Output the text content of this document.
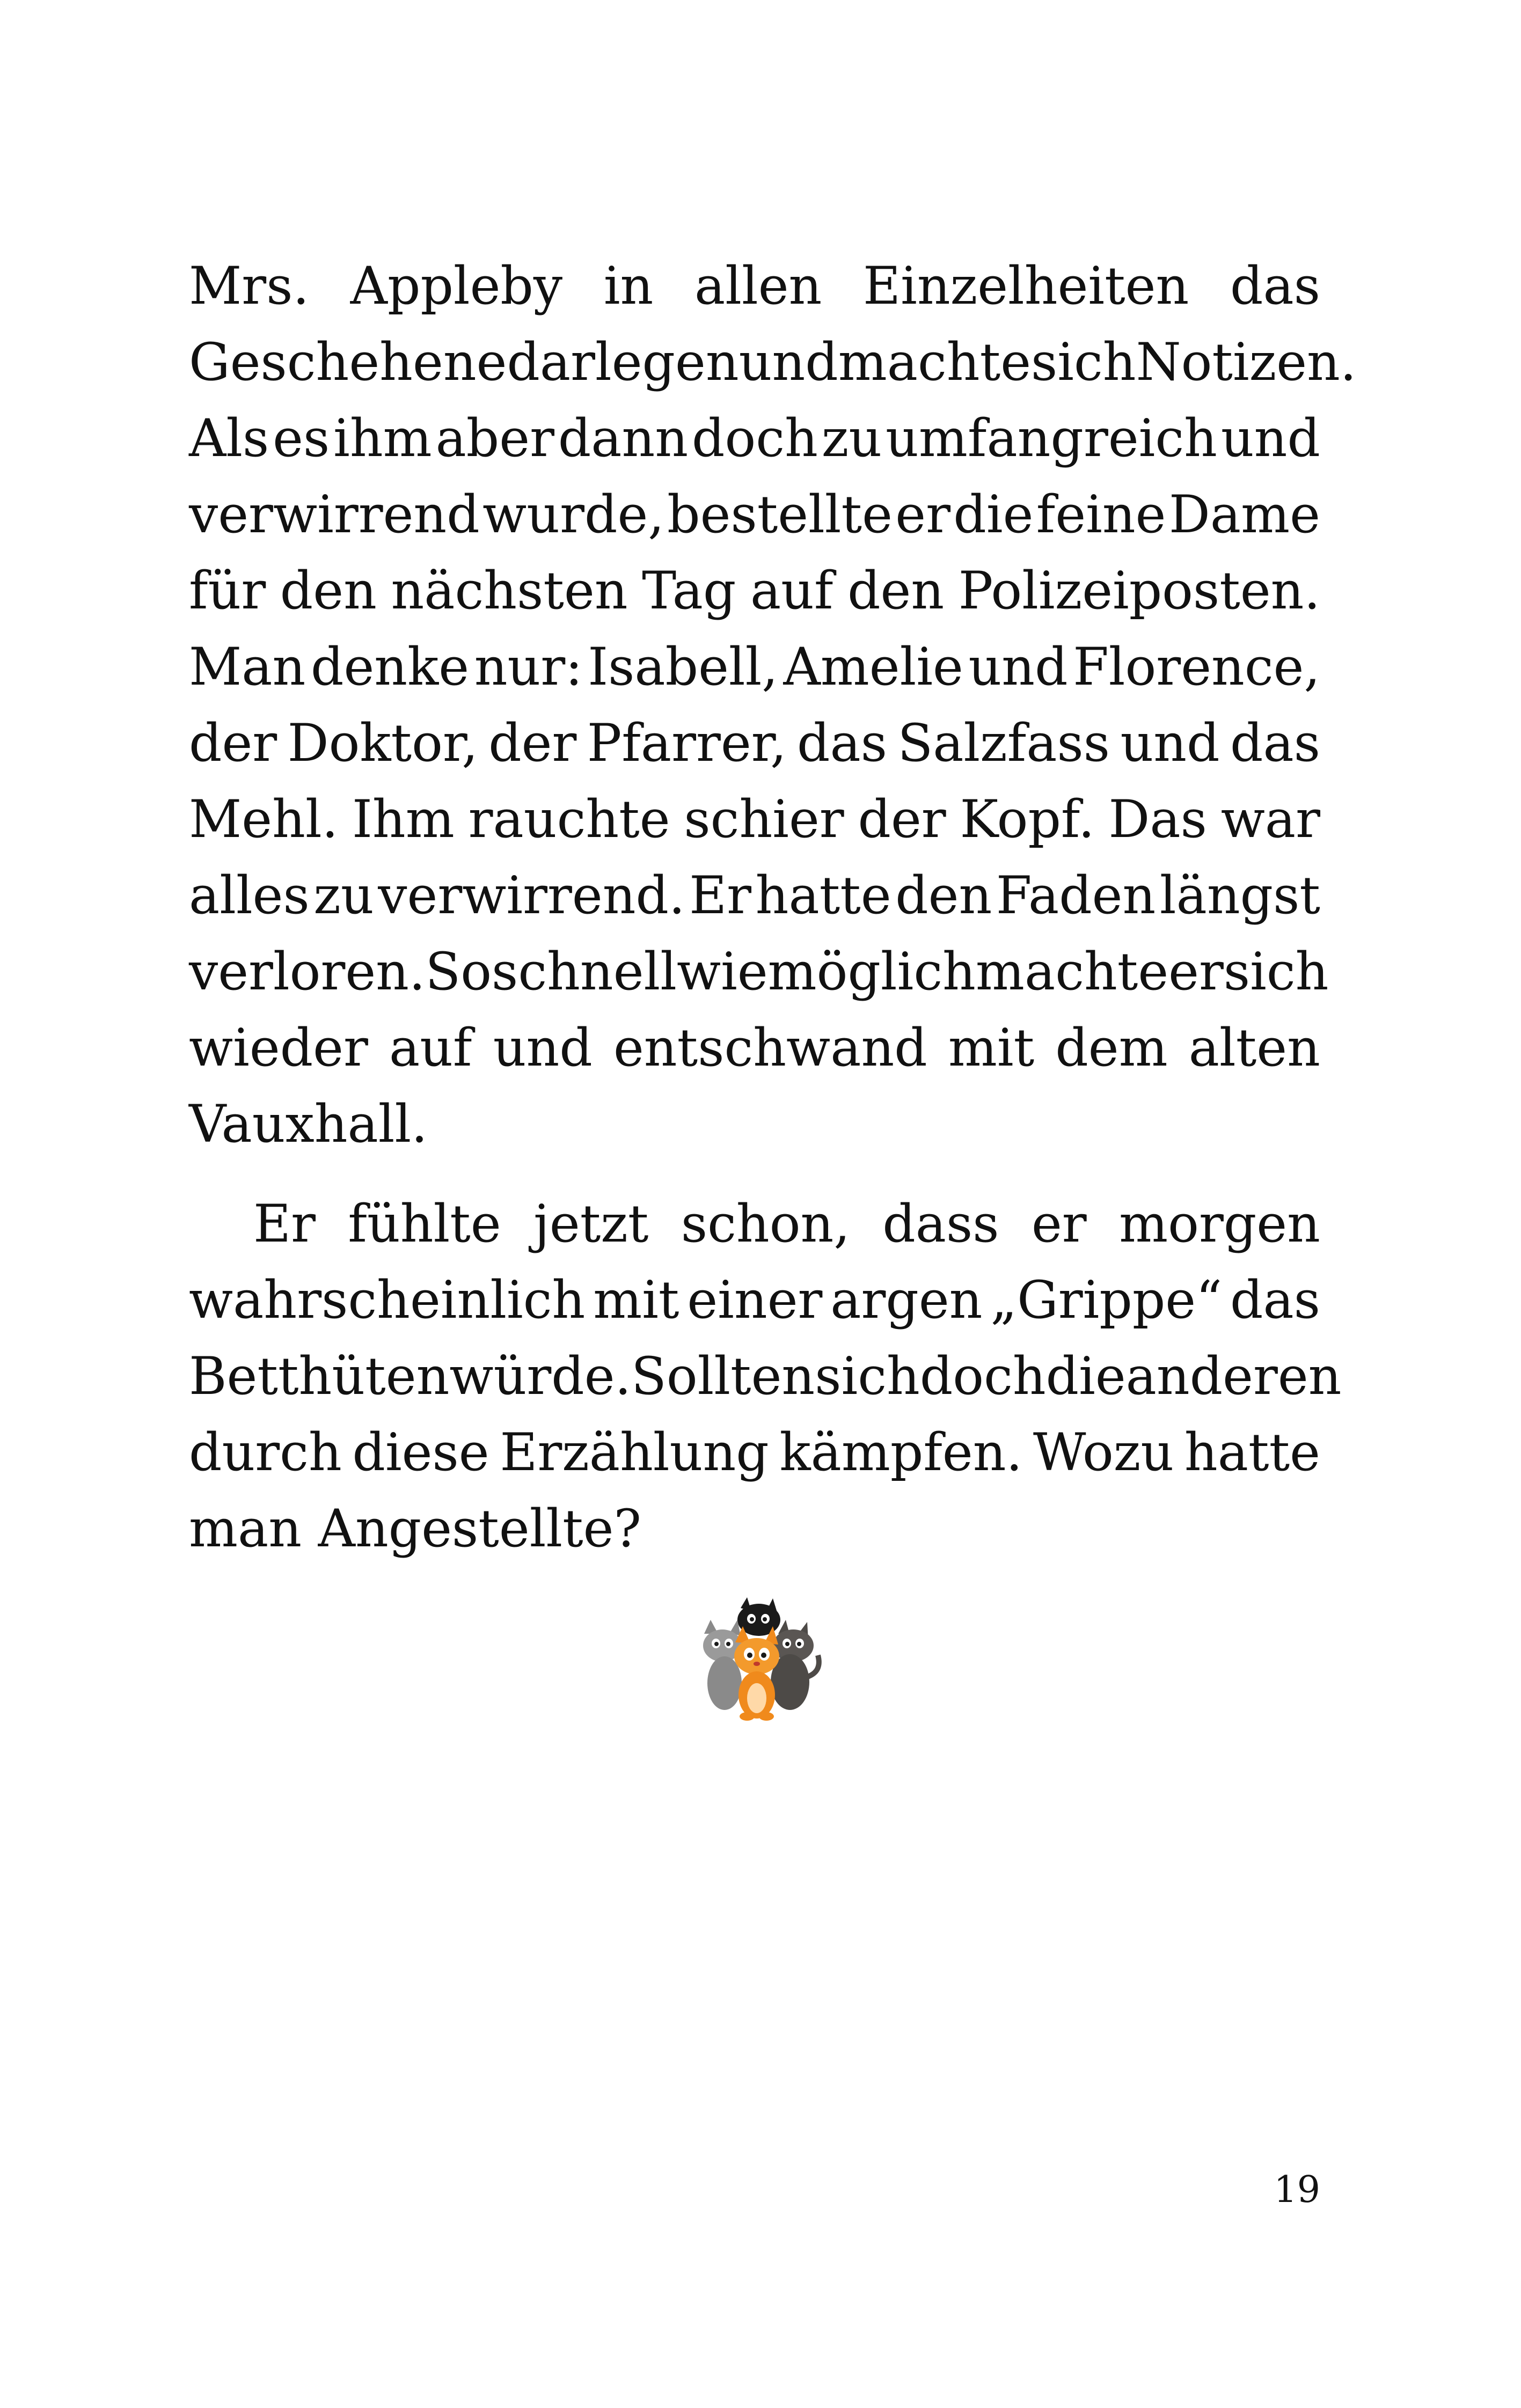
Mrs. Appleby in allen Einzelheiten das
Geschehene darlegen und machte sich Notizen.
Als es ihm aber dann doch zu umfangreich und
verwirrend wurde, bestellte er die feine Dame
für den nächsten Tag auf den Polizeiposten.
Man denke nur: Isabell, Amelie und Florence,
der Doktor, der Pfarrer, das Salzfass und das
Mehl. Ihm rauchte schier der Kopf. Das war
alles zu verwirrend. Er hatte den Faden längst
verloren. So schnell wie möglich machte er sich
wieder auf und entschwand mit dem alten
Vauxhall.
Er fühlte jetzt schon, dass er morgen
wahrscheinlich mit einer argen „Grippe“ das
Bett hüten würde. Sollten sich doch die anderen
durch diese Erzählung kämpfen. Wozu hatte
man Angestellte?
19
